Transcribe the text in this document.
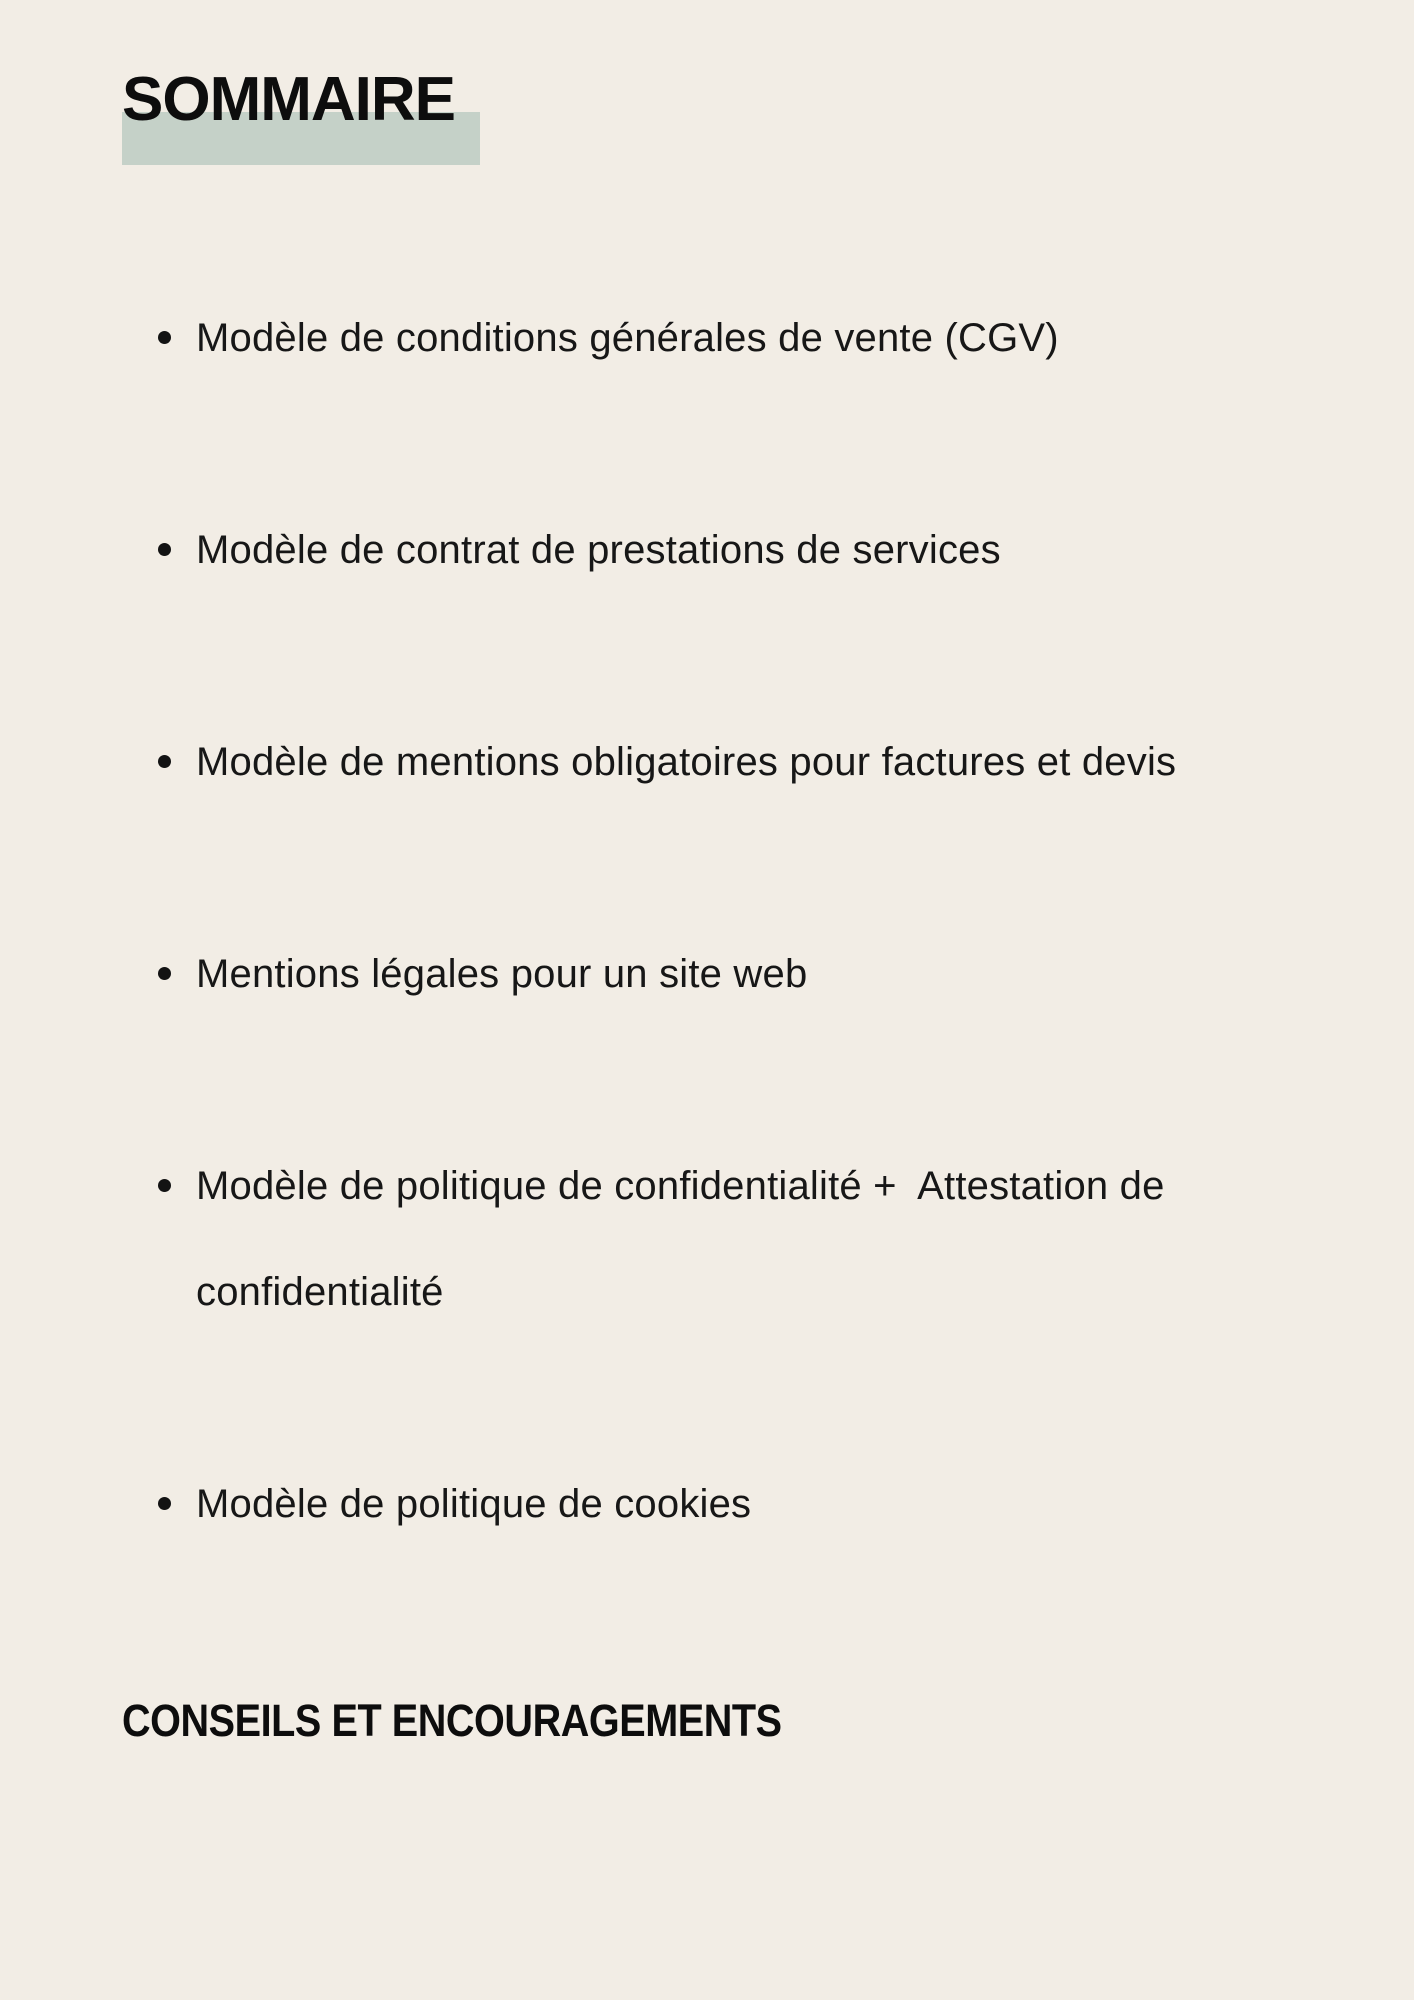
SOMMAIRE
Modèle de conditions générales de vente (CGV)
Modèle de contrat de prestations de services
Modèle de mentions obligatoires pour factures et devis
Mentions légales pour un site web
Modèle de politique de confidentialité +  Attestation de confidentialité
Modèle de politique de cookies
CONSEILS ET ENCOURAGEMENTS
